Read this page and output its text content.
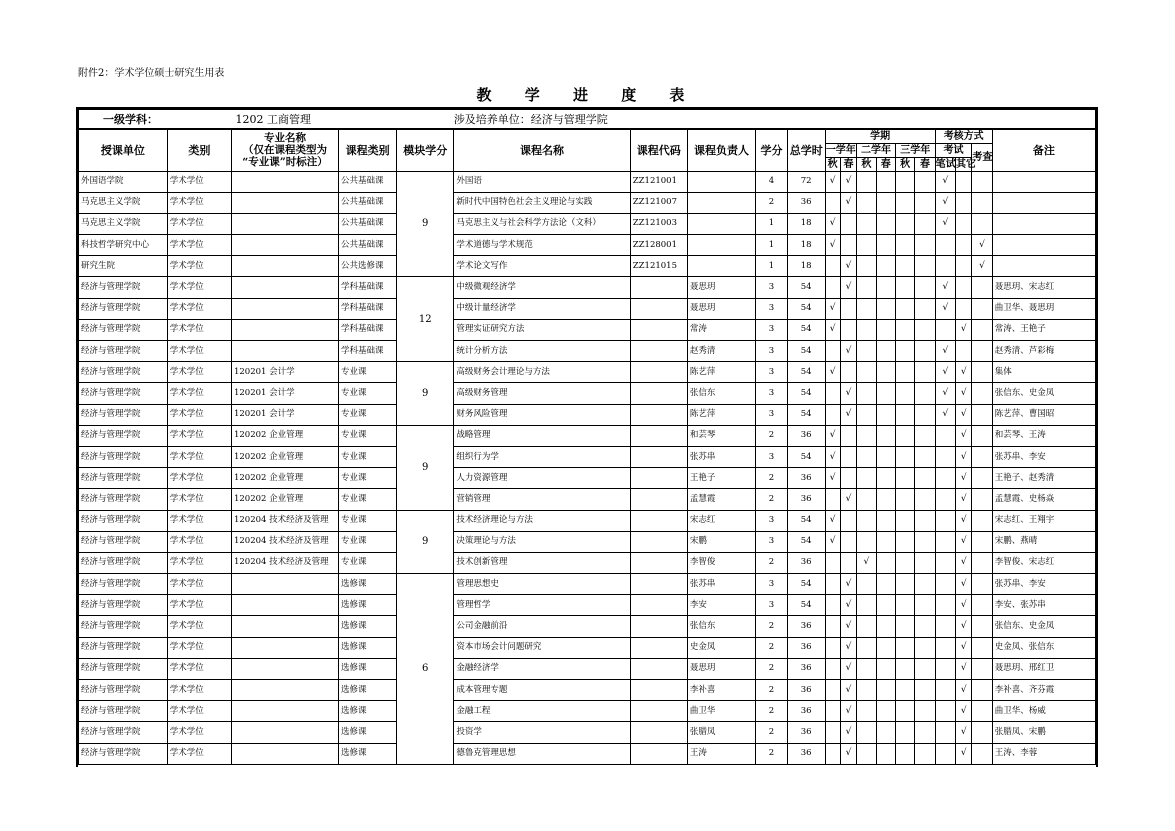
附件2：学术学位硕士研究生用表
教 学 进 度 表
一级学科：		1202 工商管理			涉及培养单位：经济与管理学院														
授课单位	类别	专业名称
（仅在课程类型为
“专业课”时标注）	课程类别	模块学分	课程名称	课程代码	课程负责人	学分	总学时	学期						考核方式			备注
										一学年		二学年		三学年		考试		考查	
										秋	春	秋	春	秋	春	笔试	其它		
外国语学院	学术学位		公共基础课	9	外国语	ZZ121001		4	72	√	√					√			
马克思主义学院	学术学位		公共基础课		新时代中国特色社会主义理论与实践	ZZ121007		2	36		√					√			
马克思主义学院	学术学位		公共基础课		马克思主义与社会科学方法论（文科）	ZZ121003		1	18	√						√			
科技哲学研究中心	学术学位		公共基础课		学术道德与学术规范	ZZ128001		1	18	√								√	
研究生院	学术学位		公共选修课		学术论文写作	ZZ121015		1	18		√							√	
经济与管理学院	学术学位		学科基础课	12	中级微观经济学		聂思玥	3	54		√					√			聂思玥、宋志红
经济与管理学院	学术学位		学科基础课		中级计量经济学		聂思玥	3	54	√						√			曲卫华、聂思玥
经济与管理学院	学术学位		学科基础课		管理实证研究方法		常涛	3	54	√							√		常涛、王艳子
经济与管理学院	学术学位		学科基础课		统计分析方法		赵秀清	3	54		√					√			赵秀清、芦彩梅
经济与管理学院	学术学位	120201 会计学	专业课	9	高级财务会计理论与方法		陈艺萍	3	54	√						√	√		集体
经济与管理学院	学术学位	120201 会计学	专业课		高级财务管理		张信东	3	54		√					√	√		张信东、史金凤
经济与管理学院	学术学位	120201 会计学	专业课		财务风险管理		陈艺萍	3	54		√					√	√		陈艺萍、曹国昭
经济与管理学院	学术学位	120202 企业管理	专业课	9	战略管理		和芸琴	2	36	√							√		和芸琴、王涛
经济与管理学院	学术学位	120202 企业管理	专业课		组织行为学		张苏串	3	54	√							√		张苏串、李安
经济与管理学院	学术学位	120202 企业管理	专业课		人力资源管理		王艳子	2	36	√							√		王艳子、赵秀清
经济与管理学院	学术学位	120202 企业管理	专业课		营销管理		孟慧霞	2	36		√						√		孟慧霞、史杨焱
经济与管理学院	学术学位	120204 技术经济及管理	专业课	9	技术经济理论与方法		宋志红	3	54	√							√		宋志红、王翔宇
经济与管理学院	学术学位	120204 技术经济及管理	专业课		决策理论与方法		宋鹏	3	54	√							√		宋鹏、燕晴
经济与管理学院	学术学位	120204 技术经济及管理	专业课		技术创新管理		李智俊	2	36			√					√		李智俊、宋志红
经济与管理学院	学术学位		选修课	6	管理思想史		张苏串	3	54		√						√		张苏串、李安
经济与管理学院	学术学位		选修课		管理哲学		李安	3	54		√						√		李安、张苏串
经济与管理学院	学术学位		选修课		公司金融前沿		张信东	2	36		√						√		张信东、史金凤
经济与管理学院	学术学位		选修课		资本市场会计问题研究		史金凤	2	36		√						√		史金凤、张信东
经济与管理学院	学术学位		选修课		金融经济学		聂思玥	2	36		√						√		聂思玥、邢红卫
经济与管理学院	学术学位		选修课		成本管理专题		李补喜	2	36		√						√		李补喜、齐芬霞
经济与管理学院	学术学位		选修课		金融工程		曲卫华	2	36		√						√		曲卫华、杨威
经济与管理学院	学术学位		选修课		投资学		张腊凤	2	36		√						√		张腊凤、宋鹏
经济与管理学院	学术学位		选修课		德鲁克管理思想		王涛	2	36		√						√		王涛、李蓉
